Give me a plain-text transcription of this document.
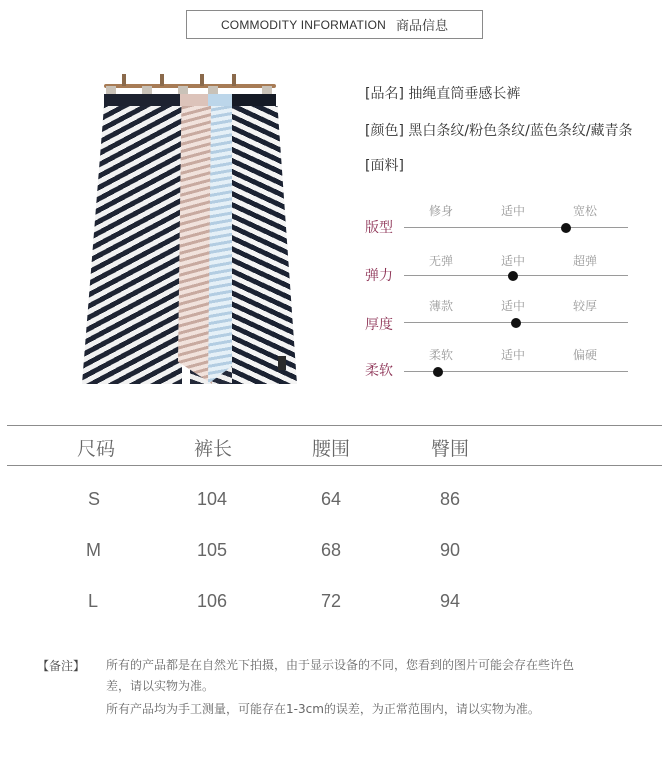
COMMODITY INFORMATION 商品信息
[品名] 抽绳直筒垂感长裤
[颜色] 黑白条纹/粉色条纹/蓝色条纹/藏青条
[面料]
版型
修身	适中	宽松
弹力
无弹	适中	超弹
厚度
薄款	适中	较厚
柔软
柔软	适中	偏硬
尺码	裤长	腰围	臀围
S	104	64	86
M	105	68	90
L	106	72	94
【备注】 所有的产品都是在自然光下拍摄，由于显示设备的不同，您看到的图片可能会存在些许色差，请以实物为准。
所有产品均为手工测量，可能存在1-3cm的误差，为正常范围内，请以实物为准。
